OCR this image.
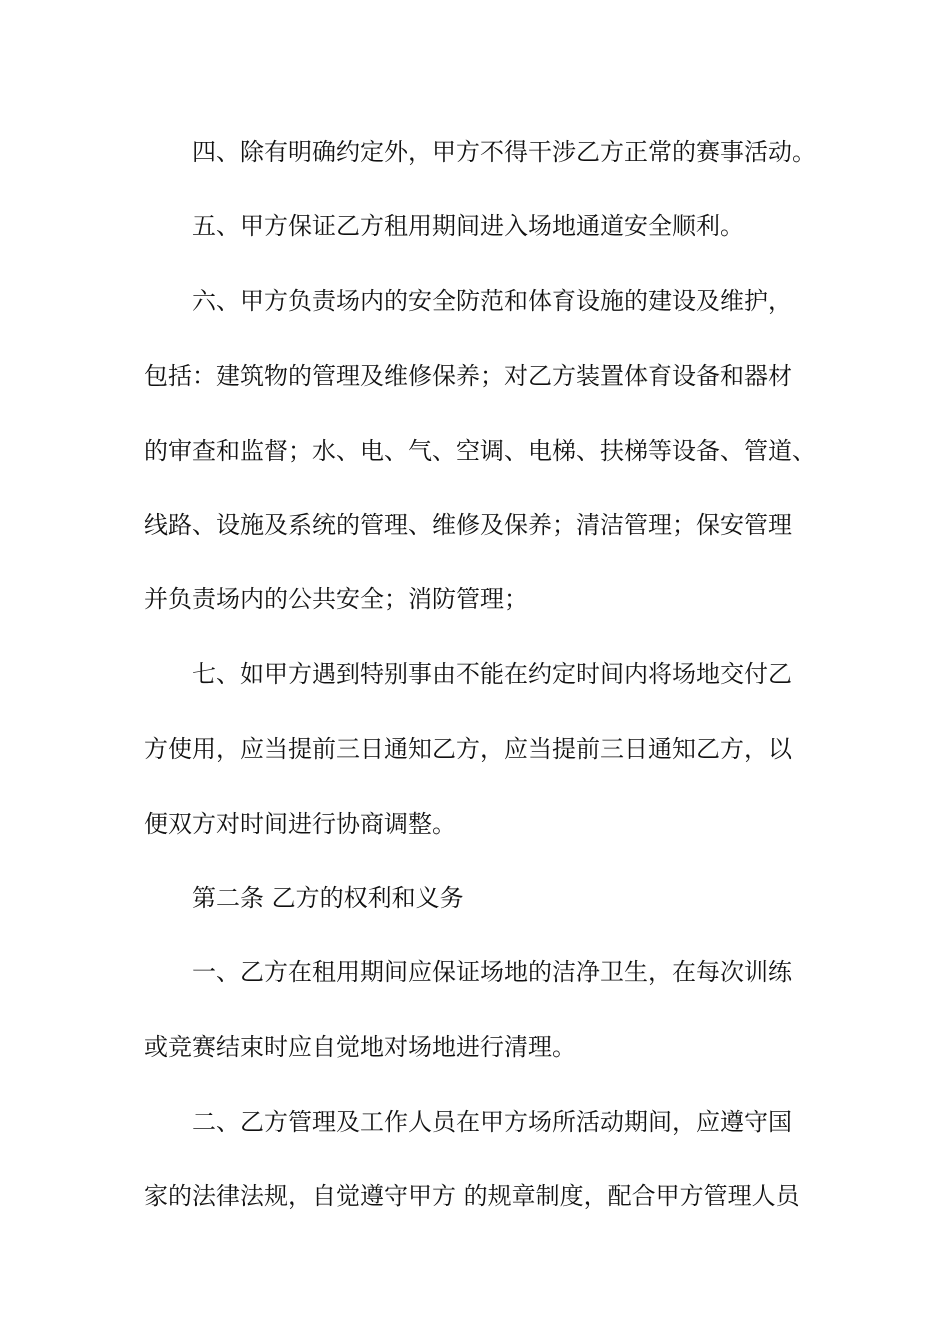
四、除有明确约定外，甲方不得干涉乙方正常的赛事活动。
五、甲方保证乙方租用期间进入场地通道安全顺利。
六、甲方负责场内的安全防范和体育设施的建设及维护，
包括：建筑物的管理及维修保养；对乙方装置体育设备和器材
的审查和监督；水、电、气、空调、电梯、扶梯等设备、管道、
线路、设施及系统的管理、维修及保养；清洁管理；保安管理
并负责场内的公共安全；消防管理；
七、如甲方遇到特别事由不能在约定时间内将场地交付乙
方使用，应当提前三日通知乙方，应当提前三日通知乙方，以
便双方对时间进行协商调整。
第二条 乙方的权利和义务
一、乙方在租用期间应保证场地的洁净卫生，在每次训练
或竞赛结束时应自觉地对场地进行清理。
二、乙方管理及工作人员在甲方场所活动期间，应遵守国
家的法律法规，自觉遵守甲方 的规章制度，配合甲方管理人员
